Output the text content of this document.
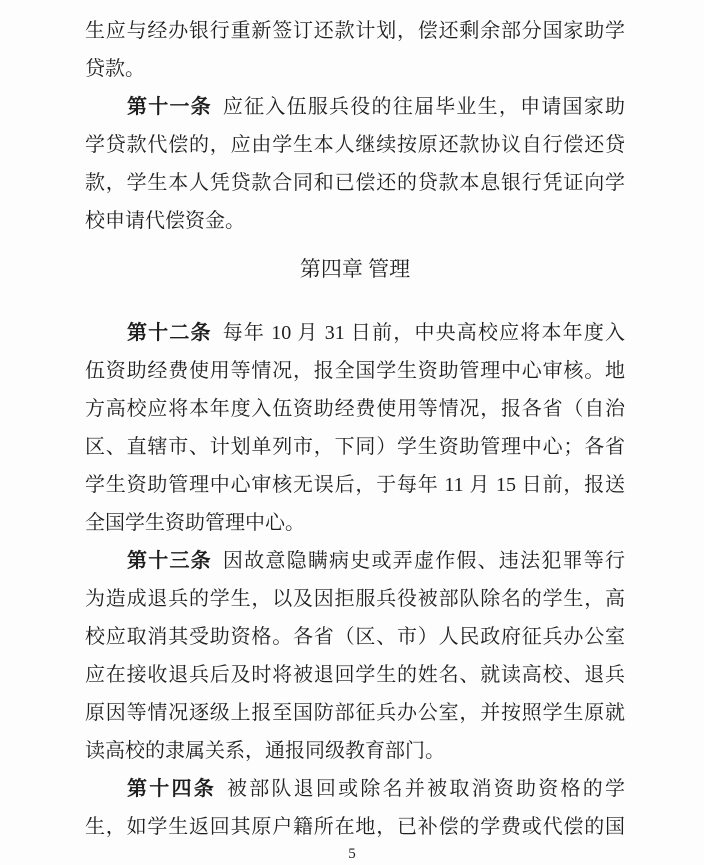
生应与经办银行重新签订还款计划，偿还剩余部分国家助学
贷款。
第十一条 应征入伍服兵役的往届毕业生，申请国家助
学贷款代偿的，应由学生本人继续按原还款协议自行偿还贷
款，学生本人凭贷款合同和已偿还的贷款本息银行凭证向学
校申请代偿资金。
第四章 管理
第十二条 每年 10 月 31 日前，中央高校应将本年度入
伍资助经费使用等情况，报全国学生资助管理中心审核。地
方高校应将本年度入伍资助经费使用等情况，报各省（自治
区、直辖市、计划单列市，下同）学生资助管理中心；各省
学生资助管理中心审核无误后，于每年 11 月 15 日前，报送
全国学生资助管理中心。
第十三条 因故意隐瞒病史或弄虚作假、违法犯罪等行
为造成退兵的学生，以及因拒服兵役被部队除名的学生，高
校应取消其受助资格。各省（区、市）人民政府征兵办公室
应在接收退兵后及时将被退回学生的姓名、就读高校、退兵
原因等情况逐级上报至国防部征兵办公室，并按照学生原就
读高校的隶属关系，通报同级教育部门。
第十四条 被部队退回或除名并被取消资助资格的学
生，如学生返回其原户籍所在地，已补偿的学费或代偿的国
5
